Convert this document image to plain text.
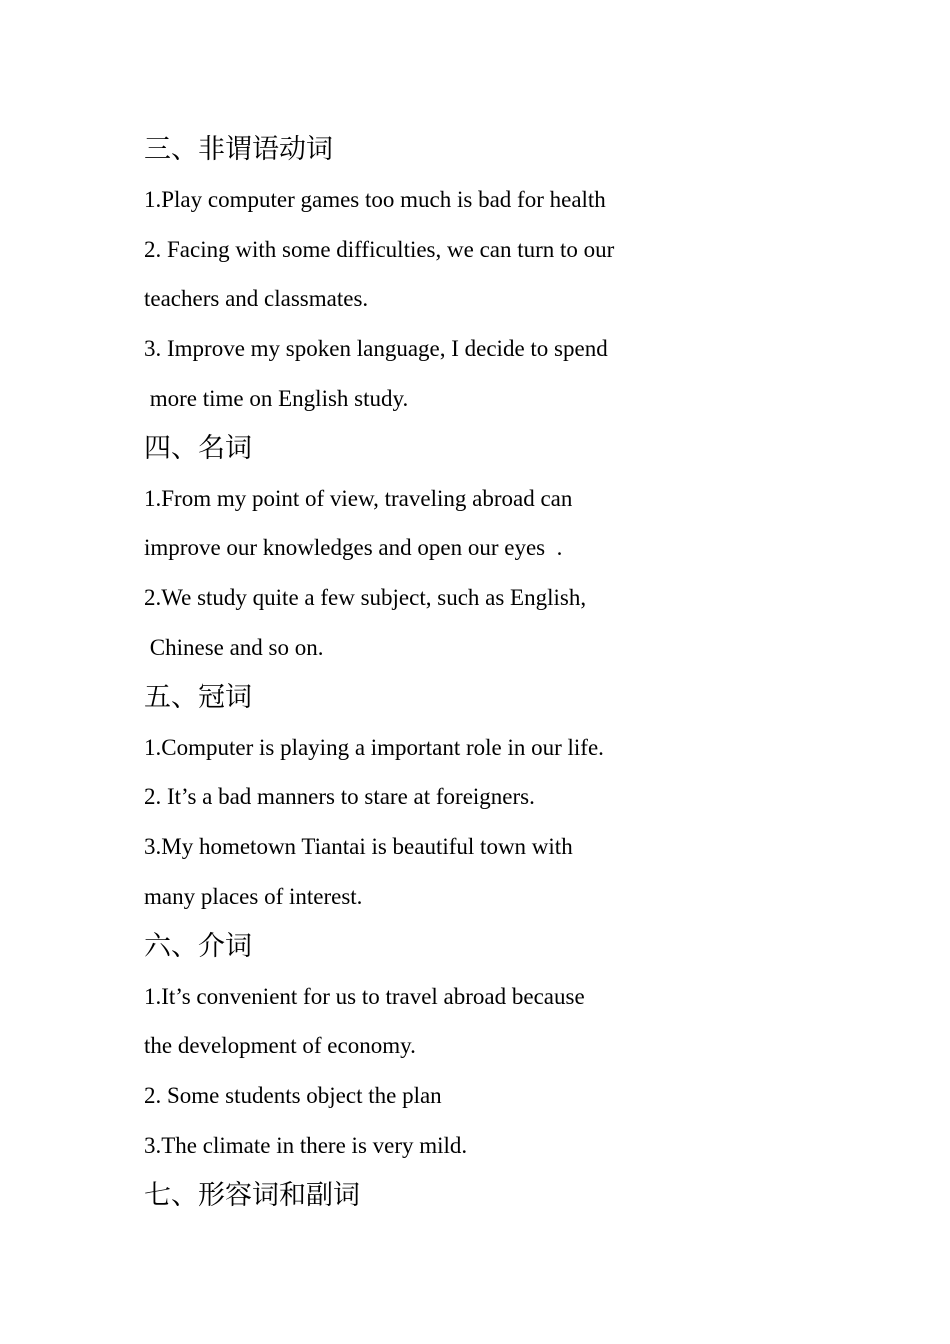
三、非谓语动词
1.Play computer games too much is bad for health
2. Facing with some difficulties, we can turn to our
teachers and classmates.
3. Improve my spoken language, I decide to spend
more time on English study.
四、名词
1.From my point of view, traveling abroad can
improve our knowledges and open our eyes  .
2.We study quite a few subject, such as English,
Chinese and so on.
五、冠词
1.Computer is playing a important role in our life.
2. It’s a bad manners to stare at foreigners.
3.My hometown Tiantai is beautiful town with
many places of interest.
六、介词
1.It’s convenient for us to travel abroad because
the development of economy.
2. Some students object the plan
3.The climate in there is very mild.
七、形容词和副词
